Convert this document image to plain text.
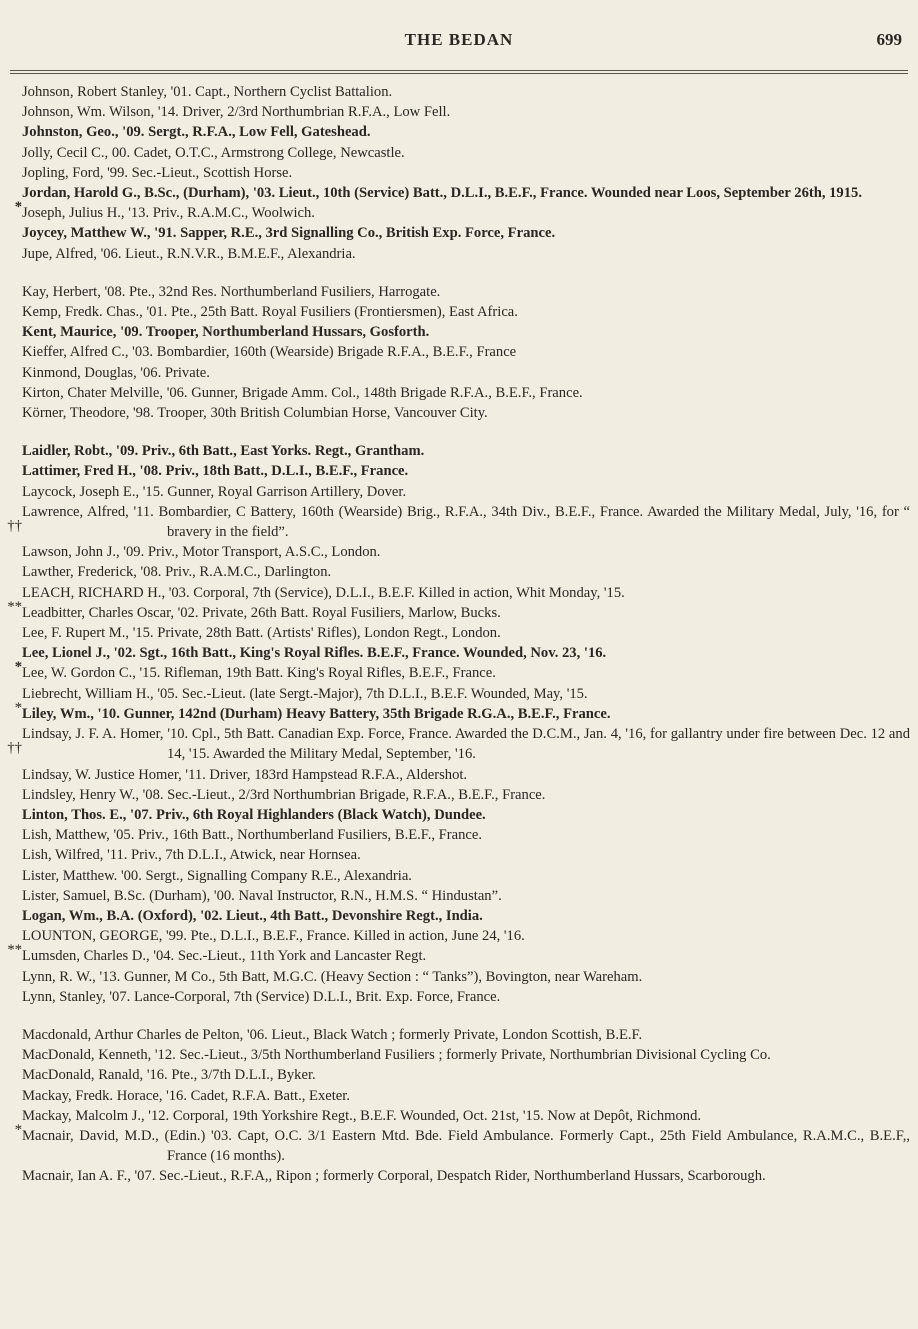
THE BEDAN	699
Johnson, Robert Stanley, '01. Capt., Northern Cyclist Battalion.
Johnson, Wm. Wilson, '14. Driver, 2/3rd Northumbrian R.F.A., Low Fell.
Johnston, Geo., '09. Sergt., R.F.A., Low Fell, Gateshead.
Jolly, Cecil C., 00. Cadet, O.T.C., Armstrong College, Newcastle.
Jopling, Ford, '99. Sec.-Lieut., Scottish Horse.
*
Jordan, Harold G., B.Sc., (Durham), '03. Lieut., 10th (Service) Batt., D.L.I., B.E.F., France. Wounded near Loos, September 26th, 1915.
Joseph, Julius H., '13. Priv., R.A.M.C., Woolwich.
Joycey, Matthew W., '91. Sapper, R.E., 3rd Signalling Co., British Exp. Force, France.
Jupe, Alfred, '06. Lieut., R.N.V.R., B.M.E.F., Alexandria.
Kay, Herbert, '08. Pte., 32nd Res. Northumberland Fusiliers, Harrogate.
Kemp, Fredk. Chas., '01. Pte., 25th Batt. Royal Fusiliers (Frontiersmen), East Africa.
Kent, Maurice, '09. Trooper, Northumberland Hussars, Gosforth.
Kieffer, Alfred C., '03. Bombardier, 160th (Wearside) Brigade R.F.A., B.E.F., France
Kinmond, Douglas, '06. Private.
Kirton, Chater Melville, '06. Gunner, Brigade Amm. Col., 148th Brigade R.F.A., B.E.F., France.
Körner, Theodore, '98. Trooper, 30th British Columbian Horse, Vancouver City.
Laidler, Robt., '09. Priv., 6th Batt., East Yorks. Regt., Grantham.
Lattimer, Fred H., '08. Priv., 18th Batt., D.L.I., B.E.F., France.
Laycock, Joseph E., '15. Gunner, Royal Garrison Artillery, Dover.
††
Lawrence, Alfred, '11. Bombardier, C Battery, 160th (Wearside) Brig., R.F.A., 34th Div., B.E.F., France. Awarded the Military Medal, July, '16, for “ bravery in the field”.
Lawson, John J., '09. Priv., Motor Transport, A.S.C., London.
Lawther, Frederick, '08. Priv., R.A.M.C., Darlington.
**
LEACH, RICHARD H., '03. Corporal, 7th (Service), D.L.I., B.E.F. Killed in action, Whit Monday, '15.
Leadbitter, Charles Oscar, '02. Private, 26th Batt. Royal Fusiliers, Marlow, Bucks.
Lee, F. Rupert M., '15. Private, 28th Batt. (Artists' Rifles), London Regt., London.
*
Lee, Lionel J., '02. Sgt., 16th Batt., King's Royal Rifles. B.E.F., France. Wounded, Nov. 23, '16.
Lee, W. Gordon C., '15. Rifleman, 19th Batt. King's Royal Rifles, B.E.F., France.
*
Liebrecht, William H., '05. Sec.-Lieut. (late Sergt.-Major), 7th D.L.I., B.E.F. Wounded, May, '15.
Liley, Wm., '10. Gunner, 142nd (Durham) Heavy Battery, 35th Brigade R.G.A., B.E.F., France.
††
Lindsay, J. F. A. Homer, '10. Cpl., 5th Batt. Canadian Exp. Force, France. Awarded the D.C.M., Jan. 4, '16, for gallantry under fire between Dec. 12 and 14, '15. Awarded the Military Medal, September, '16.
Lindsay, W. Justice Homer, '11. Driver, 183rd Hampstead R.F.A., Aldershot.
Lindsley, Henry W., '08. Sec.-Lieut., 2/3rd Northumbrian Brigade, R.F.A., B.E.F., France.
Linton, Thos. E., '07. Priv., 6th Royal Highlanders (Black Watch), Dundee.
Lish, Matthew, '05. Priv., 16th Batt., Northumberland Fusiliers, B.E.F., France.
Lish, Wilfred, '11. Priv., 7th D.L.I., Atwick, near Hornsea.
Lister, Matthew. '00. Sergt., Signalling Company R.E., Alexandria.
Lister, Samuel, B.Sc. (Durham), '00. Naval Instructor, R.N., H.M.S. “ Hindustan”.
Logan, Wm., B.A. (Oxford), '02. Lieut., 4th Batt., Devonshire Regt., India.
**
LOUNTON, GEORGE, '99. Pte., D.L.I., B.E.F., France. Killed in action, June 24, '16.
Lumsden, Charles D., '04. Sec.-Lieut., 11th York and Lancaster Regt.
Lynn, R. W., '13. Gunner, M Co., 5th Batt, M.G.C. (Heavy Section : “ Tanks”), Bovington, near Wareham.
Lynn, Stanley, '07. Lance-Corporal, 7th (Service) D.L.I., Brit. Exp. Force, France.
Macdonald, Arthur Charles de Pelton, '06. Lieut., Black Watch ; formerly Private, London Scottish, B.E.F.
MacDonald, Kenneth, '12. Sec.-Lieut., 3/5th Northumberland Fusiliers ; formerly Private, Northumbrian Divisional Cycling Co.
MacDonald, Ranald, '16. Pte., 3/7th D.L.I., Byker.
Mackay, Fredk. Horace, '16. Cadet, R.F.A. Batt., Exeter.
*
Mackay, Malcolm J., '12. Corporal, 19th Yorkshire Regt., B.E.F. Wounded, Oct. 21st, '15. Now at Depôt, Richmond.
Macnair, David, M.D., (Edin.) '03. Capt, O.C. 3/1 Eastern Mtd. Bde. Field Ambulance. Formerly Capt., 25th Field Ambulance, R.A.M.C., B.E.F,, France (16 months).
Macnair, Ian A. F., '07. Sec.-Lieut., R.F.A,, Ripon ; formerly Corporal, Despatch Rider, Northumberland Hussars, Scarborough.
